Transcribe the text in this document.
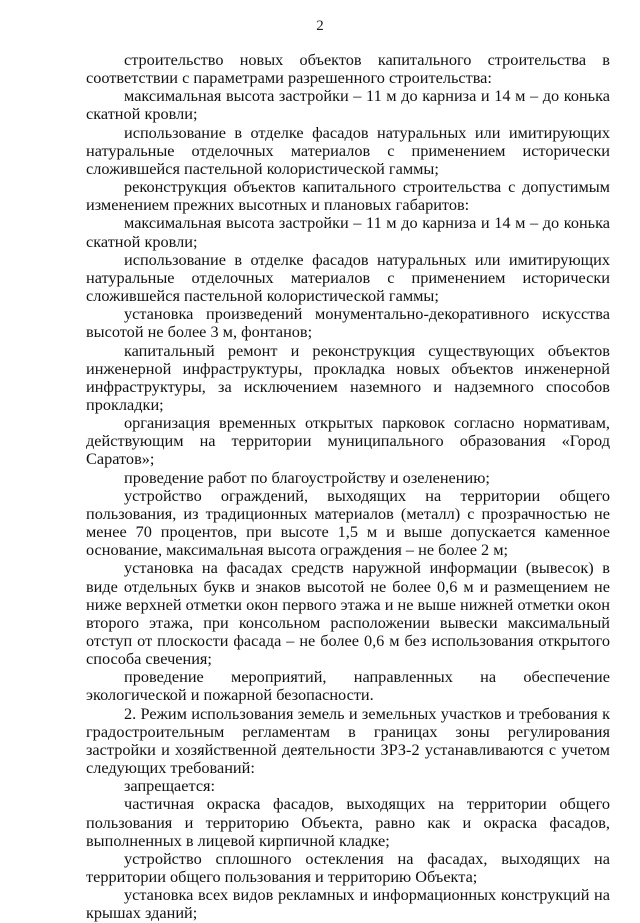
2

строительство новых объектов капитального строительства в соответствии с параметрами разрешенного строительства:

максимальная высота застройки – 11 м до карниза и 14 м – до конька скатной кровли;

использование в отделке фасадов натуральных или имитирующих натуральные отделочных материалов с применением исторически сложившейся пастельной колористической гаммы;

реконструкция объектов капитального строительства с допустимым изменением прежних высотных и плановых габаритов:

максимальная высота застройки – 11 м до карниза и 14 м – до конька скатной кровли;

использование в отделке фасадов натуральных или имитирующих натуральные отделочных материалов с применением исторически сложившейся пастельной колористической гаммы;

установка произведений монументально-декоративного искусства высотой не более 3 м, фонтанов;

капитальный ремонт и реконструкция существующих объектов инженерной инфраструктуры, прокладка новых объектов инженерной инфраструктуры, за исключением наземного и надземного способов прокладки;

организация временных открытых парковок согласно нормативам, действующим на территории муниципального образования «Город Саратов»;

проведение работ по благоустройству и озеленению;

устройство ограждений, выходящих на территории общего пользования, из традиционных материалов (металл) с прозрачностью не менее 70 процентов, при высоте 1,5 м и выше допускается каменное основание, максимальная высота ограждения – не более 2 м;

установка на фасадах средств наружной информации (вывесок) в виде отдельных букв и знаков высотой не более 0,6 м и размещением не ниже верхней отметки окон первого этажа и не выше нижней отметки окон второго этажа, при консольном расположении вывески максимальный отступ от плоскости фасада – не более 0,6 м без использования открытого способа свечения;

проведение мероприятий, направленных на обеспечение экологической и пожарной безопасности.

2. Режим использования земель и земельных участков и требования к градостроительным регламентам в границах зоны регулирования застройки и хозяйственной деятельности ЗРЗ-2 устанавливаются с учетом следующих требований:

запрещается:

частичная окраска фасадов, выходящих на территории общего пользования и территорию Объекта, равно как и окраска фасадов, выполненных в лицевой кирпичной кладке;

устройство сплошного остекления на фасадах, выходящих на территории общего пользования и территорию Объекта;

установка всех видов рекламных и информационных конструкций на крышах зданий;
